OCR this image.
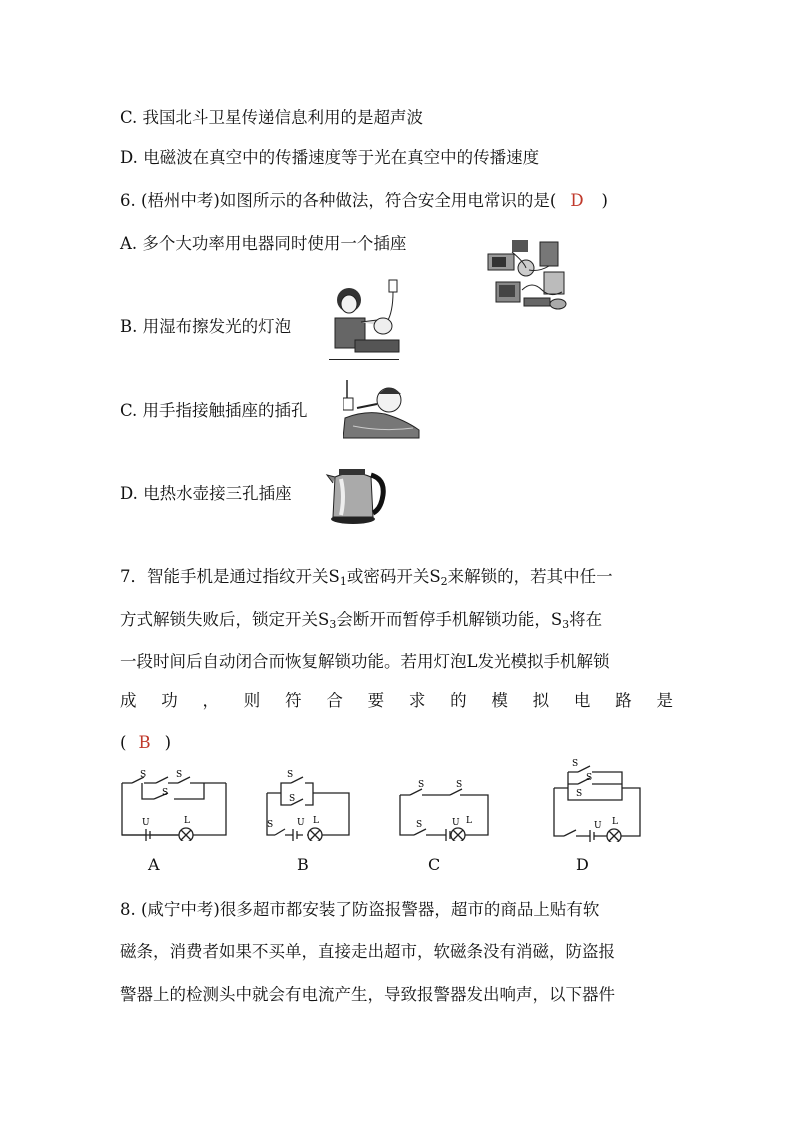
C. 我国北斗卫星传递信息利用的是超声波
D. 电磁波在真空中的传播速度等于光在真空中的传播速度
6. (梧州中考)如图所示的各种做法，符合安全用电常识的是( D )
A. 多个大功率用电器同时使用一个插座
B. 用湿布擦发光的灯泡
C. 用手指接触插座的插孔
D. 电热水壶接三孔插座
7．智能手机是通过指纹开关$S_1$或密码开关$S_2$来解锁的，若其中任一
方式解锁失败后，锁定开关$S_3$会断开而暂停手机解锁功能，$S_3$将在
一段时间后自动闭合而恢复解锁功能。若用灯泡L发光模拟手机解锁
成 功 ， 则 符 合 要 求 的 模 拟 电 路 是
( B )
S	S
S
U	L
S
S
S	U L
S	S
S	U L
S
S
S
U L
A	B	C	D
8. (咸宁中考)很多超市都安装了防盗报警器，超市的商品上贴有软
磁条，消费者如果不买单，直接走出超市，软磁条没有消磁，防盗报
警器上的检测头中就会有电流产生，导致报警器发出响声，以下器件
